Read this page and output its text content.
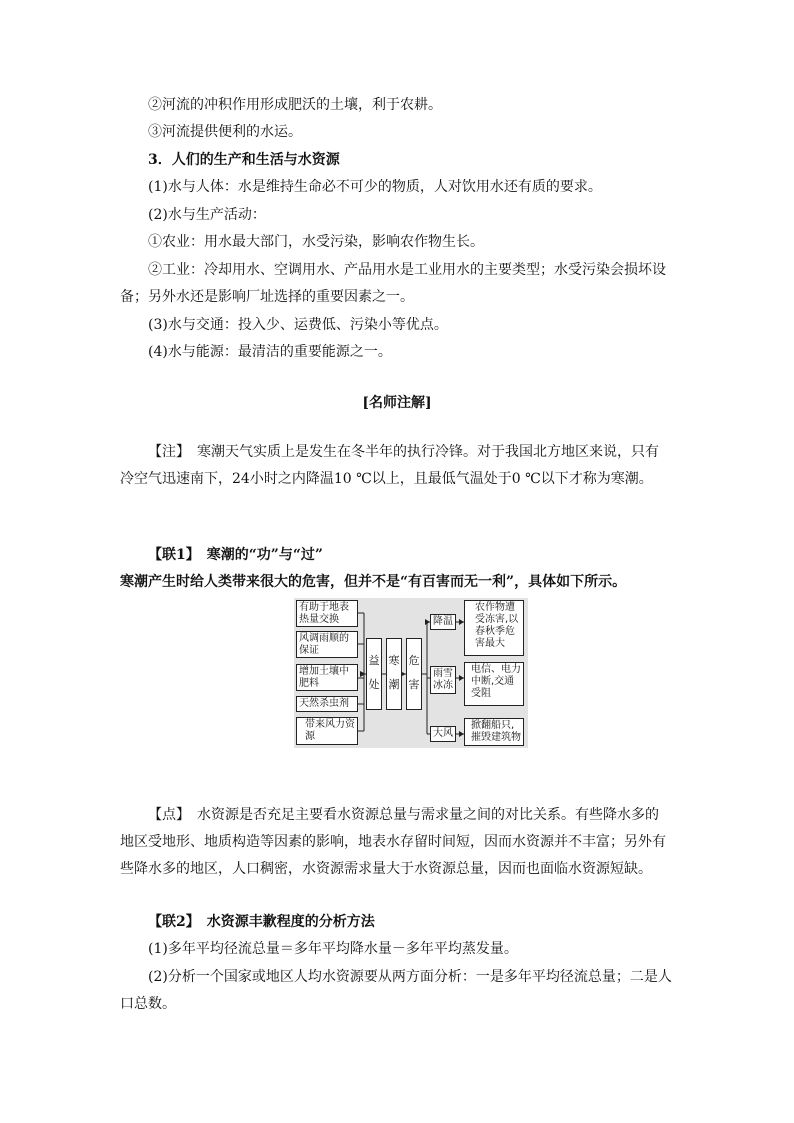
②河流的冲积作用形成肥沃的土壤，利于农耕。
③河流提供便利的水运。
3．人们的生产和生活与水资源
(1)水与人体：水是维持生命必不可少的物质，人对饮用水还有质的要求。
(2)水与生产活动：
①农业：用水最大部门，水受污染，影响农作物生长。
②工业：冷却用水、空调用水、产品用水是工业用水的主要类型；水受污染会损坏设
备；另外水还是影响厂址选择的重要因素之一。
(3)水与交通：投入少、运费低、污染小等优点。
(4)水与能源：最清洁的重要能源之一。
[名师注解]
【注】　寒潮天气实质上是发生在冬半年的执行冷锋。对于我国北方地区来说，只有
冷空气迅速南下，24小时之内降温10 ℃以上，且最低气温处于0 ℃以下才称为寒潮。
【联1】　寒潮的“功”与“过”
寒潮产生时给人类带来很大的危害，但并不是“有百害而无一利”，具体如下所示。
有助于地表热量交换
风调雨顺的保证
增加土壤中肥料
天然杀虫剂
带来风力资源
益
处
寒
潮
危
害
降温
雨雪冰冻
大风
农作物遭受冻害,以春秋季危害最大
电信、电力中断,交通受阻
掀翻船只,摧毁建筑物
【点】　水资源是否充足主要看水资源总量与需求量之间的对比关系。有些降水多的
地区受地形、地质构造等因素的影响，地表水存留时间短，因而水资源并不丰富；另外有
些降水多的地区，人口稠密，水资源需求量大于水资源总量，因而也面临水资源短缺。
【联2】　水资源丰歉程度的分析方法
(1)多年平均径流总量＝多年平均降水量－多年平均蒸发量。
(2)分析一个国家或地区人均水资源要从两方面分析：一是多年平均径流总量；二是人
口总数。
